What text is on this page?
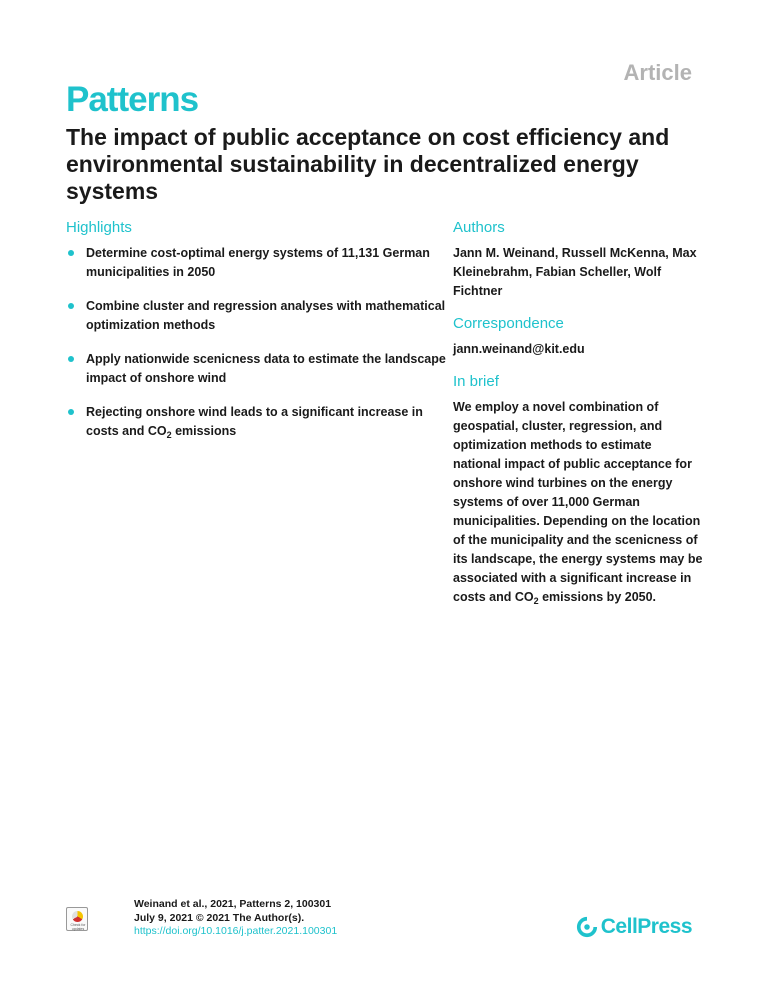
Article
Patterns
The impact of public acceptance on cost efficiency and environmental sustainability in decentralized energy systems
Highlights
Determine cost-optimal energy systems of 11,131 German municipalities in 2050
Combine cluster and regression analyses with mathematical optimization methods
Apply nationwide scenicness data to estimate the landscape impact of onshore wind
Rejecting onshore wind leads to a significant increase in costs and $CO_2$ emissions
Authors

Jann M. Weinand, Russell McKenna, Max Kleinebrahm, Fabian Scheller, Wolf Fichtner

Correspondence

jann.weinand@kit.edu

In brief

We employ a novel combination of geospatial, cluster, regression, and optimization methods to estimate national impact of public acceptance for onshore wind turbines on the energy systems of over 11,000 German municipalities. Depending on the location of the municipality and the scenicness of its landscape, the energy systems may be associated with a significant increase in costs and $CO_2$ emissions by 2050.

Check for updates
Weinand et al., 2021, Patterns 2, 100301
July 9, 2021 © 2021 The Author(s).
https://doi.org/10.1016/j.patter.2021.100301	CellPress
